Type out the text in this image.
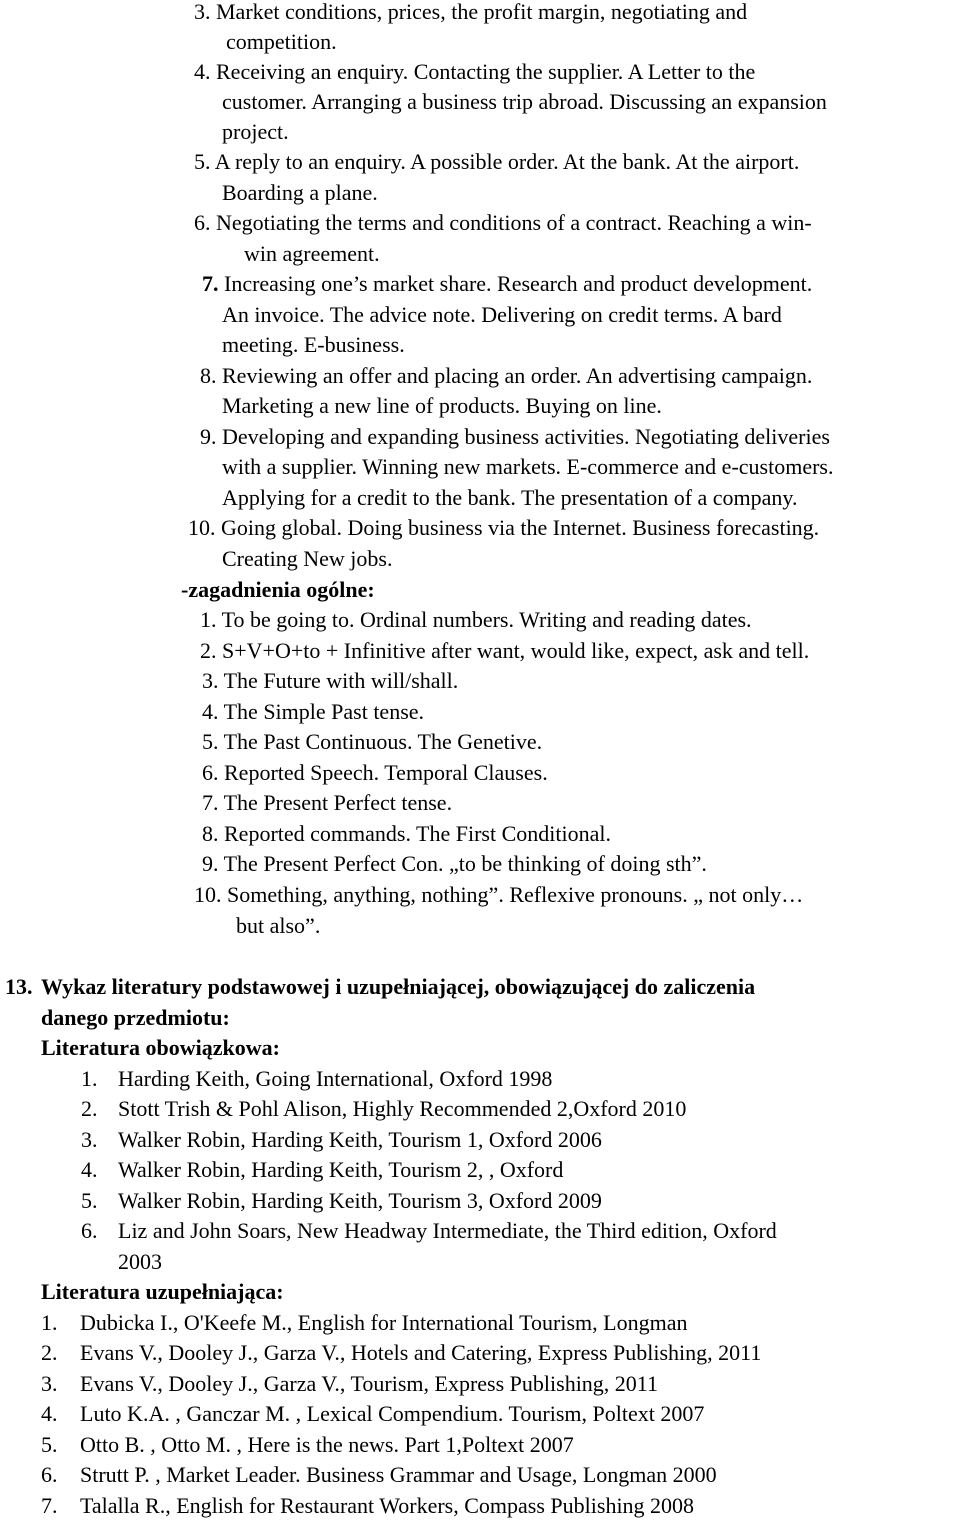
3. Market conditions, prices, the profit margin, negotiating and
competition.
4. Receiving an enquiry. Contacting the supplier. A Letter to the
customer. Arranging a business trip abroad. Discussing an expansion
project.
5. A reply to an enquiry. A possible order. At the bank. At the airport.
Boarding a plane.
6. Negotiating the terms and conditions of a contract. Reaching a win-
win agreement.
7. Increasing one’s market share. Research and product development.
An invoice. The advice note. Delivering on credit terms. A bard
meeting. E-business.
8. Reviewing an offer and placing an order. An advertising campaign.
Marketing a new line of products. Buying on line.
9. Developing and expanding business activities. Negotiating deliveries
with a supplier. Winning new markets. E-commerce and e-customers.
Applying for a credit to the bank. The presentation of a company.
10. Going global. Doing business via the Internet. Business forecasting.
Creating New jobs.
-zagadnienia ogólne:
1. To be going to. Ordinal numbers. Writing and reading dates.
2. S+V+O+to + Infinitive after want, would like, expect, ask and tell.
3. The Future with will/shall.
4. The Simple Past tense.
5. The Past Continuous. The Genetive.
6. Reported Speech. Temporal Clauses.
7. The Present Perfect tense.
8. Reported commands. The First Conditional.
9. The Present Perfect Con. „to be thinking of doing sth”.
10. Something, anything, nothing”. Reflexive pronouns. „ not only…
but also”.
13. Wykaz literatury podstawowej i uzupełniającej, obowiązującej do zaliczenia
danego przedmiotu:
Literatura obowiązkowa:
1. Harding Keith, Going International, Oxford 1998
2. Stott Trish & Pohl Alison, Highly Recommended 2,Oxford 2010
3. Walker Robin, Harding Keith, Tourism 1, Oxford 2006
4. Walker Robin, Harding Keith, Tourism 2, , Oxford
5. Walker Robin, Harding Keith, Tourism 3, Oxford 2009
6. Liz and John Soars, New Headway Intermediate, the Third edition, Oxford
2003
Literatura uzupełniająca:
1. Dubicka I., O'Keefe M., English for International Tourism, Longman
2. Evans V., Dooley J., Garza V., Hotels and Catering, Express Publishing, 2011
3. Evans V., Dooley J., Garza V., Tourism, Express Publishing, 2011
4. Luto K.A. , Ganczar M. , Lexical Compendium. Tourism, Poltext 2007
5. Otto B. , Otto M. , Here is the news. Part 1,Poltext 2007
6. Strutt P. , Market Leader. Business Grammar and Usage, Longman 2000
7. Talalla R., English for Restaurant Workers, Compass Publishing 2008
